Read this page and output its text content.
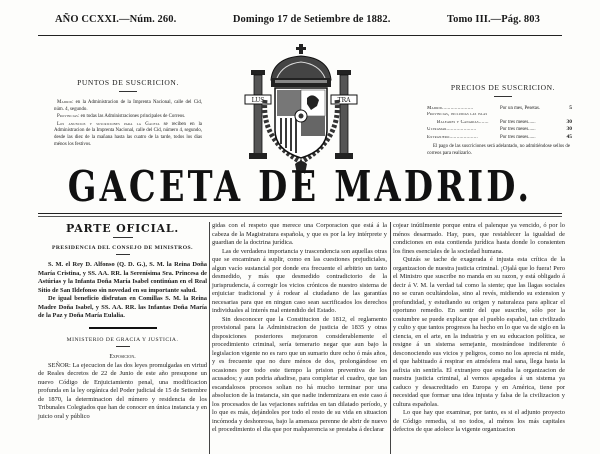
AÑO CCXXI.—Núm. 260.	Domingo 17 de Setiembre de 1882.	Tomo III.—Pág. 803
PUNTOS DE SUSCRICION.

Madrid: en la Administracion de la Imprenta Nacional, calle del Cid, núm. 4, segundo.

Provincias: en todas las Administraciones principales de Correos.

Los anuncios y suscriciones para la Gaceta se reciben en la Administracion de la Imprenta Nacional, calle del Cid, número 4, segundo, desde las diez de la mañana hasta las cuatro de la tarde, todos los dias ménos los festivos.

LUS	TRA
PRECIOS DE SUSCRICION.
Madrid......................	Por un mes, Pesetas.	5
Provincias, incluidas las islas
Baleares y Canarias.......	Por tres meses......	30
Ultramar.....................	Por tres meses......	30
Extranjero....................	Por tres meses......	45
El pago de las suscriciones será adelantado, no admitiéndose sellos de correos para realizarlo.
GACETA DE MADRID.
PARTE OFICIAL.
PRESIDENCIA DEL CONSEJO DE MINISTROS.

S. M. el Rey D. Alfonso (Q. D. G.), S. M. la Reina Doña María Cristina, y SS. AA. RR. la Serenísima Sra. Princesa de Astúrias y la Infanta Doña María Isabel continúan en el Real Sitio de San Ildefonso sin novedad en su importante salud.

De igual beneficio disfrutan en Comillas S. M. la Reina Madre Doña Isabel, y SS. AA. RR. las Infantas Doña María de la Paz y Doña María Eulalia.

MINISTERIO DE GRACIA Y JUSTICIA.
Exposicion.

SEÑOR: La ejecucion de las dos leyes promulgadas en virtud de Reales decretos de 22 de Junio de este año presupone un nuevo Código de Enjuiciamiento penal, una modificacion profunda en la ley orgánica del Poder judicial de 15 de Setiembre de 1870, la determinacion del número y residencia de los Tribunales Colegiados que han de conocer en única instancia y en juicio oral y público

gidas con el respeto que merece una Corporacion que está á la cabeza de la Magistratura española, y que es por la ley intérprete y guardian de la doctrina jurídica.

Las de verdadera importancia y trascendencia son aquellas otras que se encaminan á suplir, como en las cuestiones prejudiciales, algun vacío sustancial por donde era frecuente el arbitrio un tanto desmedido, y más que desmedido contradictorio de la jurisprudencia, á corregir los vicios crónicos de nuestro sistema de enjuiciar tradicional y á rodear al ciudadano de las garantías necesarias para que en ningun caso sean sacrificados los derechos individuales al interés mal entendido del Estado.

Sin desconocer que la Constitucion de 1812, el reglamento provisional para la Administracion de justicia de 1835 y otras disposiciones posteriores mejoraron considerablemente el procedimiento criminal, sería temerario negar que aun bajo la legislacion vigente no es raro que un sumario dure ocho ó más años, y es frecuente que no dure ménos de dos, prolongándose en ocasiones por todo este tiempo la prision preventiva de los acusados; y aun podria añadirse, para completar el cuadro, que tan escandalosos procesos solian no há mucho terminar por una absolucion de la instancia, sin que nadie indemnizara en este caso á los procesados de las vejaciones sufridas en tan dilatado período, y lo que es más, dejándoles por todo el resto de su vida en situacion incómoda y deshonrosa, bajo la amenaza perenne de abrir de nuevo el procedimiento el dia que por malquerencia se prestaba á declarar

cojear inútilmente porque entra el palenque ya vencido, ó por lo ménos desarmado. Hay, pues, que restablecer la igualdad de condiciones en esta contienda jurídica hasta donde lo consienten los fines esenciales de la sociedad humana.

Quizás se tache de exagerada é injusta esta crítica de la organizacion de nuestra justicia criminal. ¡Ojalá que lo fuera! Pero el Ministro que suscribe no manda en su razon, y está obligado á decir á V. M. la verdad tal como la siente; que las llagas sociales no se curan ocultándolas, sino al revés, midiendo su extension y profundidad, y estudiando su origen y naturaleza para aplicar el oportuno remedio. En sentir del que suscribe, sólo por la costumbre se puede explicar que el pueblo español, tan civilizado y culto y que tantos progresos ha hecho en lo que va de siglo en la ciencia, en el arte, en la industria y en su educacion política, se resigne á un sistema semejante, mostrándose indiferente ó desconociendo sus vicios y peligros, como no los aprecia ni mide, el que habituado á respirar en atmósfera mal sana, llega hasta la asfixia sin sentirla. El extranjero que estudia la organizacion de nuestra justicia criminal, al vernos apegados á un sistema ya caduco y desacreditado en Europa y en América, tiene por necesidad que formar una idea injusta y falsa de la civilizacion y cultura españolas.

Lo que hay que examinar, por tanto, es si el adjunto proyecto de Código remedia, si no todos, al ménos los más capitales defectos de que adolece la vigente organizacion
